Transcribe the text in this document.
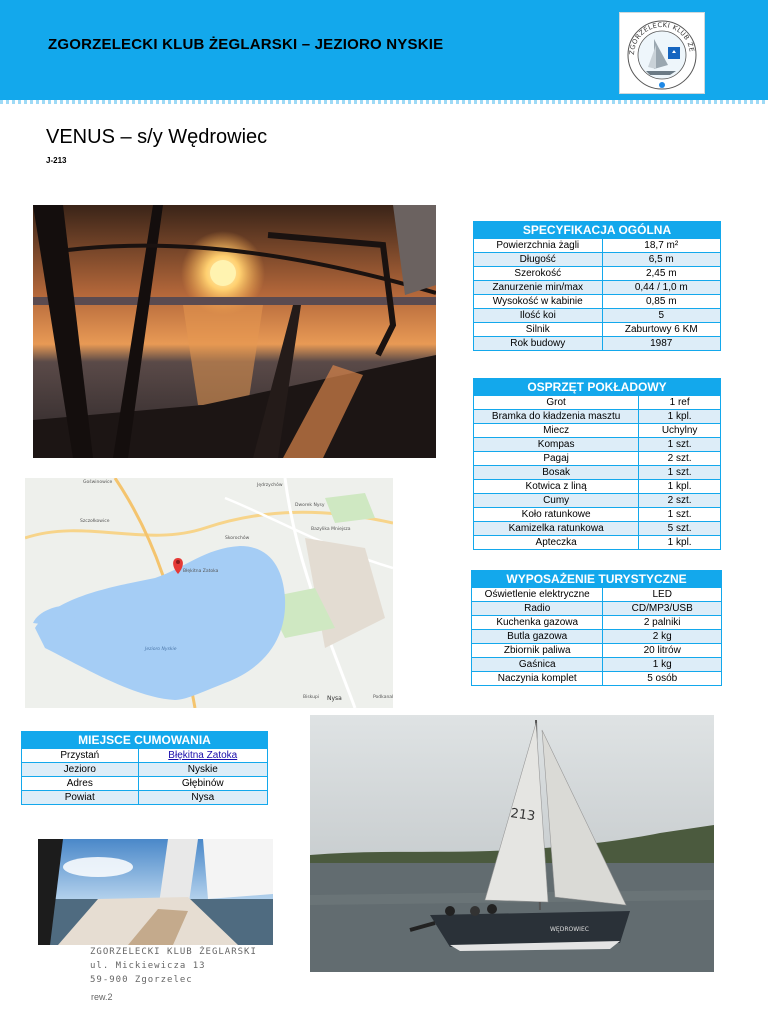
ZGORZELECKI KLUB ŻEGLARSKI – JEZIORO NYSKIE	ZGORZELECKI KLUB ŻE
VENUS – s/y Wędrowiec
J-213
Goświnowice
Jędrzychów
Dworek Nysy
Szczołkowice
Bazylika Mniejsza
Skorochów
Błękitna Zatoka
Jezioro Nyskie
Nysa
Biskupi	Podkanal
SPECYFIKACJA OGÓLNA	
Powierzchnia żagli	18,7 m²
Długość	6,5 m
Szerokość	2,45 m
Zanurzenie min/max	0,44 / 1,0 m
Wysokość w kabinie	0,85 m
Ilość koi	5
Silnik	Zaburtowy 6 KM
Rok budowy	1987
OSPRZĘT POKŁADOWY	
Grot	1 ref
Bramka do kładzenia masztu	1 kpl.
Miecz	Uchylny
Kompas	1 szt.
Pagaj	2 szt.
Bosak	1 szt.
Kotwica z liną	1 kpl.
Cumy	2 szt.
Koło ratunkowe	1 szt.
Kamizelka ratunkowa	5 szt.
Apteczka	1 kpl.
WYPOSAŻENIE TURYSTYCZNE	
Oświetlenie elektryczne	LED
Radio	CD/MP3/USB
Kuchenka gazowa	2 palniki
Butla gazowa	2 kg
Zbiornik paliwa	20 litrów
Gaśnica	1 kg
Naczynia komplet	5 osób
MIEJSCE CUMOWANIA	
Przystań	Błękitna Zatoka
Jezioro	Nyskie
Adres	Głębinów
Powiat	Nysa
213
WĘDROWIEC
ZGORZELECKI KLUB ŻEGLARSKI
ul. Mickiewicza 13
59-900 Zgorzelec
rew.2
